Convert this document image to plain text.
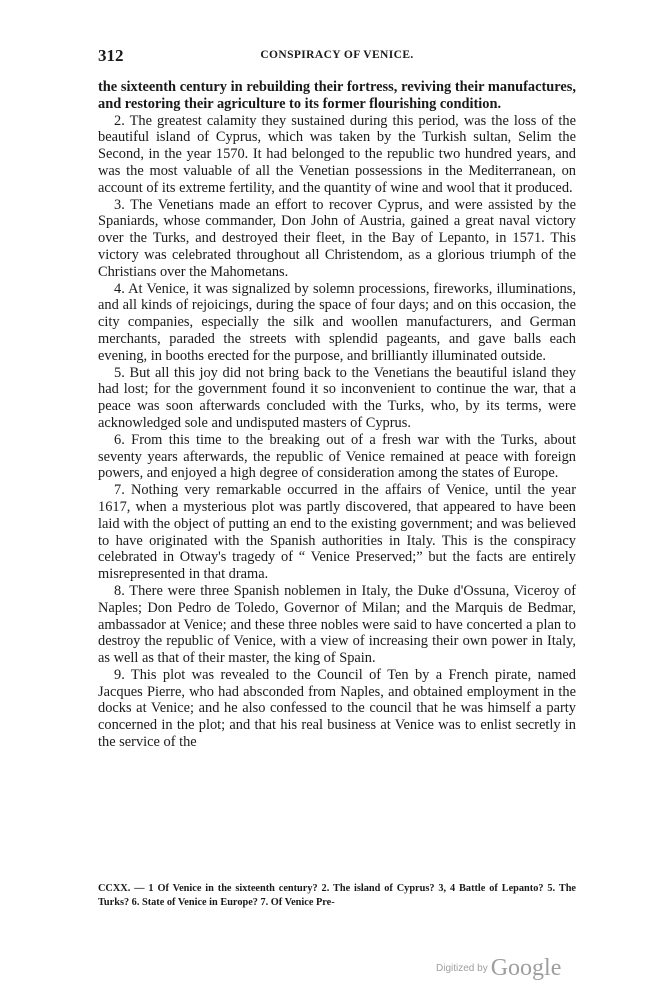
312	CONSPIRACY OF VENICE.

the sixteenth century in rebuilding their fortress, reviving their manufactures, and restoring their agriculture to its former flourishing condition.

2. The greatest calamity they sustained during this period, was the loss of the beautiful island of Cyprus, which was taken by the Turkish sultan, Selim the Second, in the year 1570. It had belonged to the republic two hundred years, and was the most valuable of all the Venetian possessions in the Mediterranean, on account of its extreme fertility, and the quantity of wine and wool that it produced.

3. The Venetians made an effort to recover Cyprus, and were assisted by the Spaniards, whose commander, Don John of Austria, gained a great naval victory over the Turks, and destroyed their fleet, in the Bay of Lepanto, in 1571. This victory was celebrated throughout all Christendom, as a glorious triumph of the Christians over the Mahometans.

4. At Venice, it was signalized by solemn processions, fireworks, illuminations, and all kinds of rejoicings, during the space of four days; and on this occasion, the city companies, especially the silk and woollen manufacturers, and German merchants, paraded the streets with splendid pageants, and gave balls each evening, in booths erected for the purpose, and brilliantly illuminated outside.

5. But all this joy did not bring back to the Venetians the beautiful island they had lost; for the government found it so inconvenient to continue the war, that a peace was soon afterwards concluded with the Turks, who, by its terms, were acknowledged sole and undisputed masters of Cyprus.

6. From this time to the breaking out of a fresh war with the Turks, about seventy years afterwards, the republic of Venice remained at peace with foreign powers, and enjoyed a high degree of consideration among the states of Europe.

7. Nothing very remarkable occurred in the affairs of Venice, until the year 1617, when a mysterious plot was partly discovered, that appeared to have been laid with the object of putting an end to the existing government; and was believed to have originated with the Spanish authorities in Italy. This is the conspiracy celebrated in Otway's tragedy of “ Venice Preserved;” but the facts are entirely misrepresented in that drama.

8. There were three Spanish noblemen in Italy, the Duke d'Ossuna, Viceroy of Naples; Don Pedro de Toledo, Governor of Milan; and the Marquis de Bedmar, ambassador at Venice; and these three nobles were said to have concerted a plan to destroy the republic of Venice, with a view of increasing their own power in Italy, as well as that of their master, the king of Spain.

9. This plot was revealed to the Council of Ten by a French pirate, named Jacques Pierre, who had absconded from Naples, and obtained employment in the docks at Venice; and he also confessed to the council that he was himself a party concerned in the plot; and that his real business at Venice was to enlist secretly in the service of the

CCXX. — 1 Of Venice in the sixteenth century? 2. The island of Cyprus? 3, 4 Battle of Lepanto? 5. The Turks? 6. State of Venice in Europe? 7. Of Venice Pre-
Digitized by Google
